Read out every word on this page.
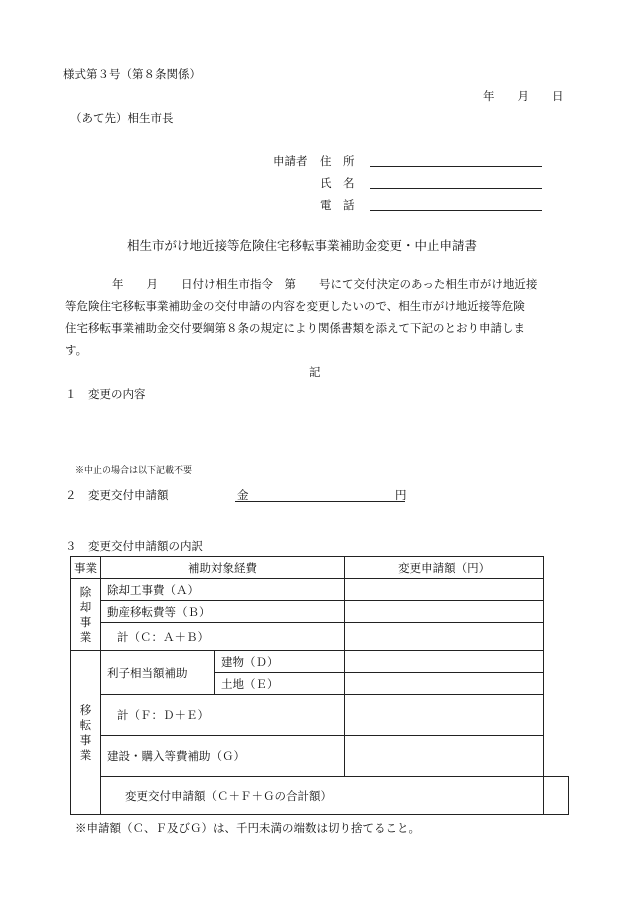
様式第３号（第８条関係）
年　　月　　日
（あて先）相生市長
申請者 住　所
氏　名
電　話
相生市がけ地近接等危険住宅移転事業補助金変更・中止申請書
年　　月　　日付け相生市指令　第　　号にて交付決定のあった相生市がけ地近接
等危険住宅移転事業補助金の交付申請の内容を変更したいので、相生市がけ地近接等危険
住宅移転事業補助金交付要綱第８条の規定により関係書類を添えて下記のとおり申請しま
す。
記
１　変更の内容
※中止の場合は以下記載不要
２　変更交付申請額	金	円
３　変更交付申請額の内訳
事業	補助対象経費		変更申請額（円）	
除
却
事
業	除却工事費（Ａ）			
	動産移転費等（Ｂ）			
	計（Ｃ：Ａ＋Ｂ）			
移
転
事
業	利子相当額補助	建物（Ｄ）		
		土地（Ｅ）		
	計（Ｆ：Ｄ＋Ｅ）			
	建設・購入等費補助（Ｇ）			
	変更交付申請額（Ｃ＋Ｆ＋Ｇの合計額）			
※申請額（Ｃ、Ｆ及びＧ）は、千円未満の端数は切り捨てること。
